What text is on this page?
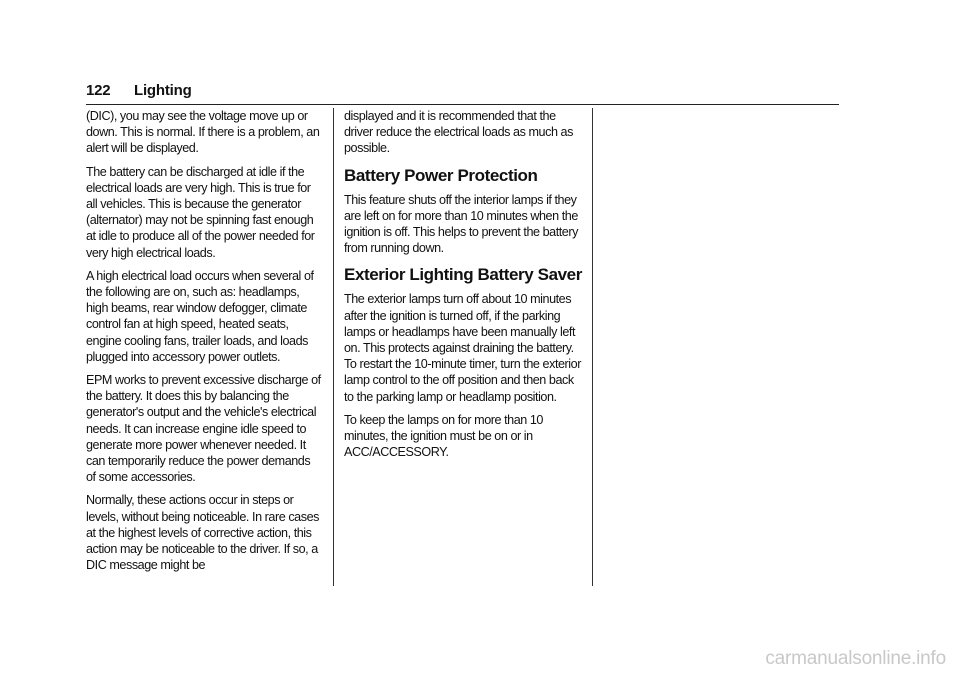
122 Lighting

(DIC), you may see the voltage move up or down. This is normal. If there is a problem, an alert will be displayed.

The battery can be discharged at idle if the electrical loads are very high. This is true for all vehicles. This is because the generator (alternator) may not be spinning fast enough at idle to produce all of the power needed for very high electrical loads.

A high electrical load occurs when several of the following are on, such as: headlamps, high beams, rear window defogger, climate control fan at high speed, heated seats, engine cooling fans, trailer loads, and loads plugged into accessory power outlets.

EPM works to prevent excessive discharge of the battery. It does this by balancing the generator's output and the vehicle's electrical needs. It can increase engine idle speed to generate more power whenever needed. It can temporarily reduce the power demands of some accessories.

Normally, these actions occur in steps or levels, without being noticeable. In rare cases at the highest levels of corrective action, this action may be noticeable to the driver. If so, a DIC message might be

displayed and it is recommended that the driver reduce the electrical loads as much as possible.

Battery Power Protection

This feature shuts off the interior lamps if they are left on for more than 10 minutes when the ignition is off. This helps to prevent the battery from running down.

Exterior Lighting Battery Saver

The exterior lamps turn off about 10 minutes after the ignition is turned off, if the parking lamps or headlamps have been manually left on. This protects against draining the battery. To restart the 10-minute timer, turn the exterior lamp control to the off position and then back to the parking lamp or headlamp position.

To keep the lamps on for more than 10 minutes, the ignition must be on or in ACC/ACCESSORY.

carmanualsonline.info
